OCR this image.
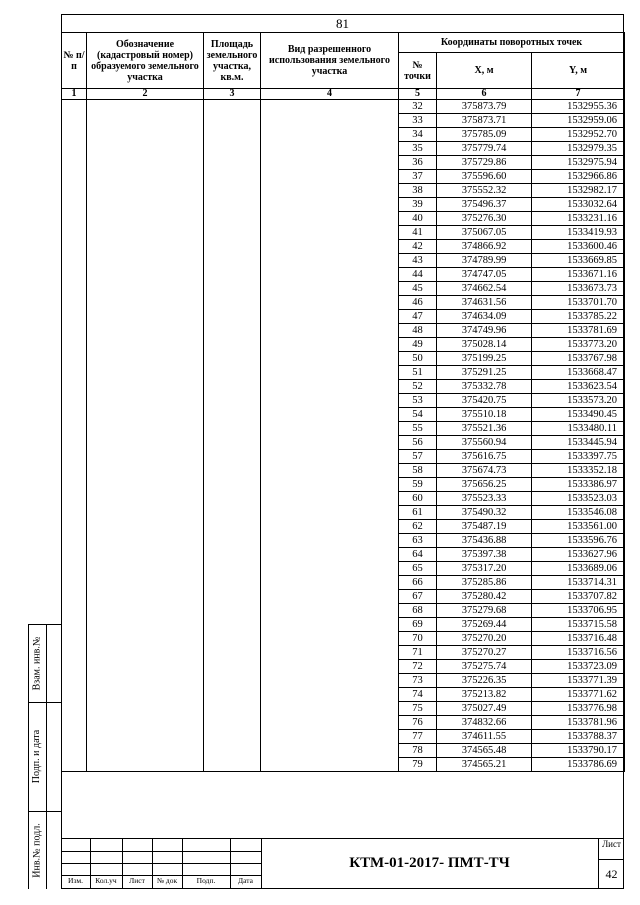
81
№ п/п	Обозначение (кадастровый номер) образуемого земельного участка	Площадь земельного участка, кв.м.	Вид разрешенного использования земельного участка	Координаты поворотных точек		
				№ точки	X, м	Y, м
1	2	3	4	5	6	7
				32	375873.79	1532955.36
				33	375873.71	1532959.06
				34	375785.09	1532952.70
				35	375779.74	1532979.35
				36	375729.86	1532975.94
				37	375596.60	1532966.86
				38	375552.32	1532982.17
				39	375496.37	1533032.64
				40	375276.30	1533231.16
				41	375067.05	1533419.93
				42	374866.92	1533600.46
				43	374789.99	1533669.85
				44	374747.05	1533671.16
				45	374662.54	1533673.73
				46	374631.56	1533701.70
				47	374634.09	1533785.22
				48	374749.96	1533781.69
				49	375028.14	1533773.20
				50	375199.25	1533767.98
				51	375291.25	1533668.47
				52	375332.78	1533623.54
				53	375420.75	1533573.20
				54	375510.18	1533490.45
				55	375521.36	1533480.11
				56	375560.94	1533445.94
				57	375616.75	1533397.75
				58	375674.73	1533352.18
				59	375656.25	1533386.97
				60	375523.33	1533523.03
				61	375490.32	1533546.08
				62	375487.19	1533561.00
				63	375436.88	1533596.76
				64	375397.38	1533627.96
				65	375317.20	1533689.06
				66	375285.86	1533714.31
				67	375280.42	1533707.82
				68	375279.68	1533706.95
				69	375269.44	1533715.58
				70	375270.20	1533716.48
				71	375270.27	1533716.56
				72	375275.74	1533723.09
				73	375226.35	1533771.39
				74	375213.82	1533771.62
				75	375027.49	1533776.98
				76	374832.66	1533781.96
				77	374611.55	1533788.37
				78	374565.48	1533790.17
				79	374565.21	1533786.69
Взам. инв.№
Подп. и дата
Инв.№ подл.
Изм.	Кол.уч	Лист	№ док	Подп.	Дата
КТМ-01-2017- ПМТ-ТЧ
Лист
42
